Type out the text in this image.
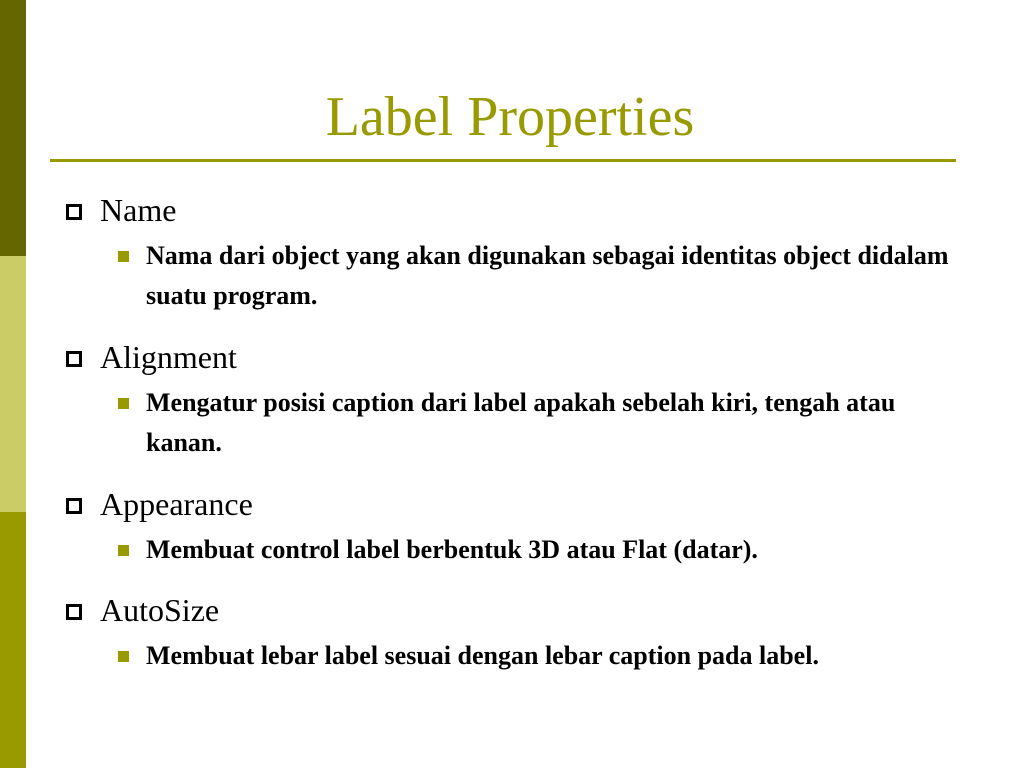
Label Properties
Name
Nama dari object yang akan digunakan sebagai identitas object didalam suatu program.
Alignment
Mengatur posisi caption dari label apakah sebelah kiri, tengah atau kanan.
Appearance
Membuat control label berbentuk 3D atau Flat (datar).
AutoSize
Membuat lebar label sesuai dengan lebar caption pada label.
